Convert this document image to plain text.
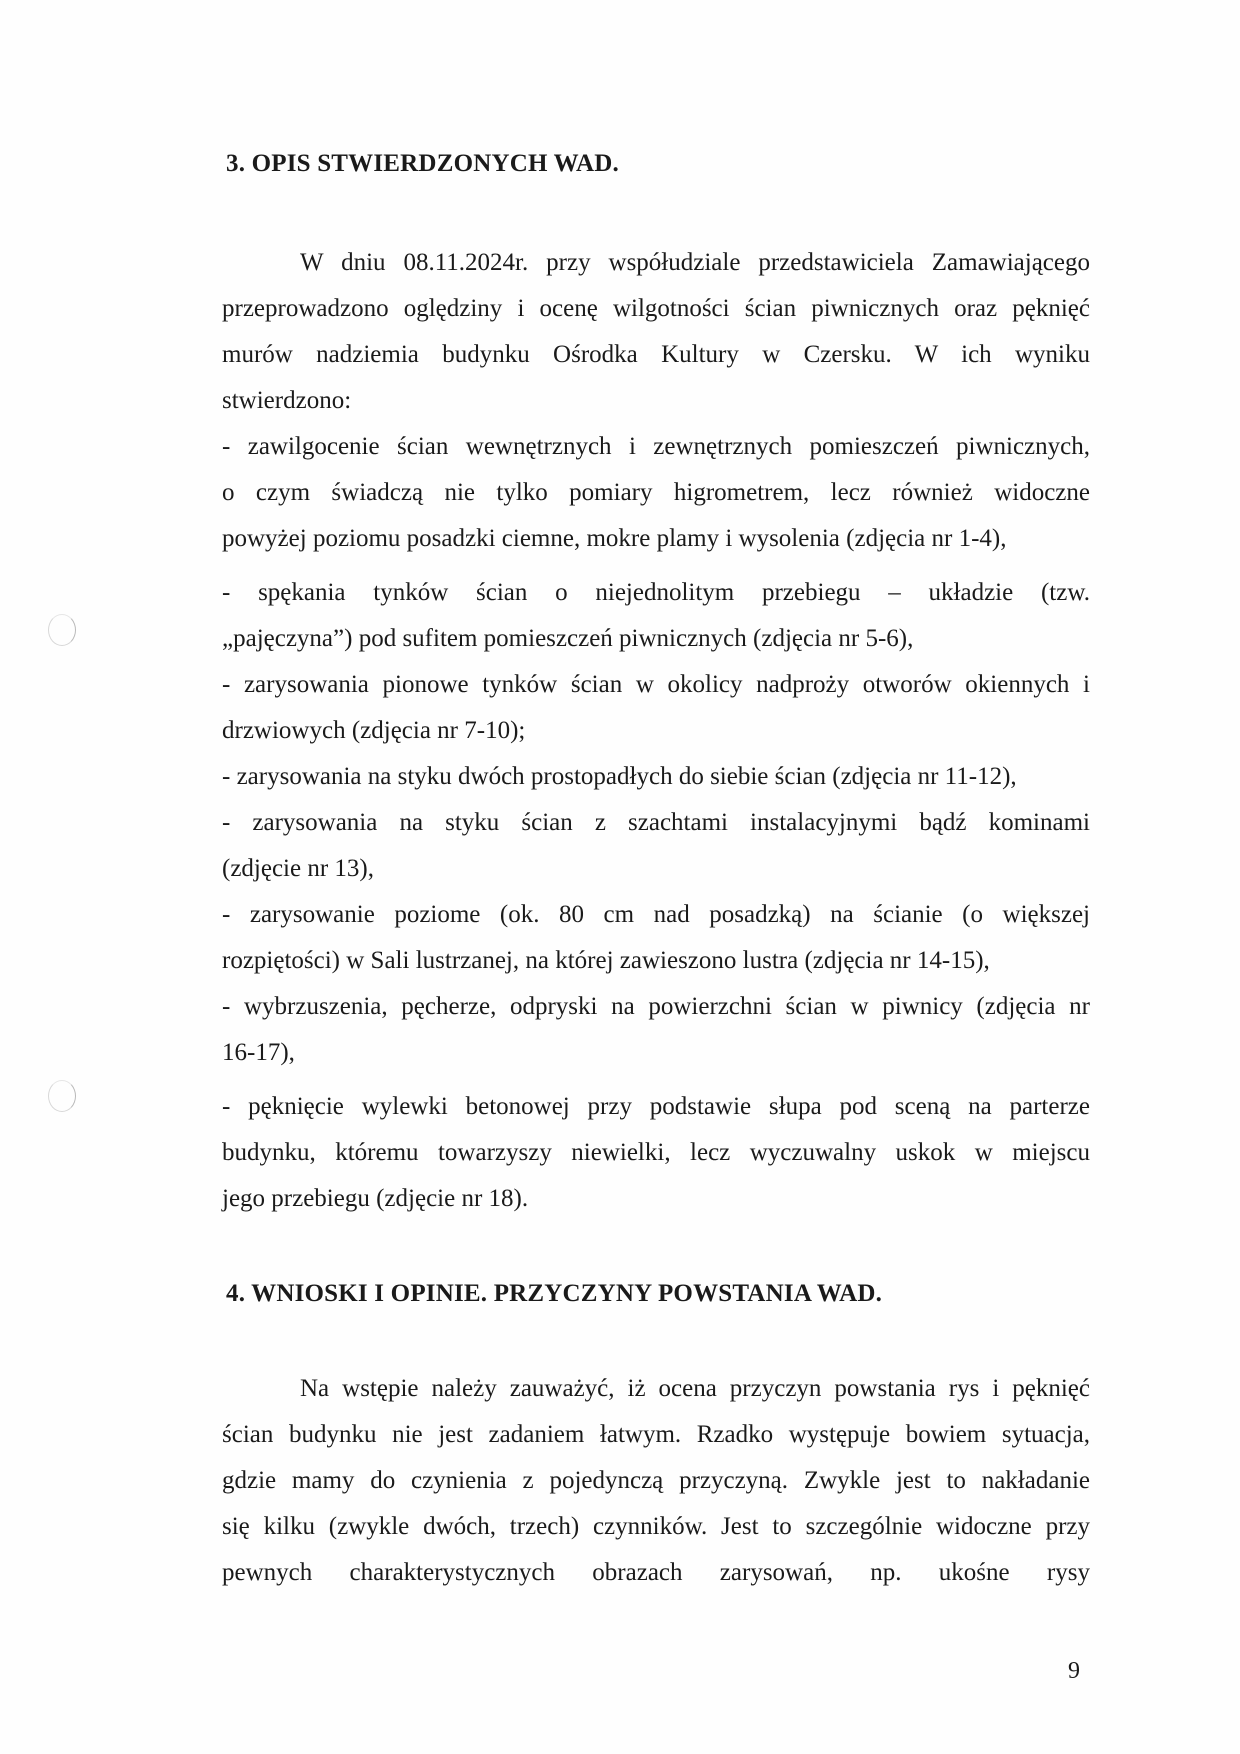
3. OPIS STWIERDZONYCH WAD.
W dniu 08.11.2024r. przy współudziale przedstawiciela Zamawiającego
przeprowadzono oględziny i ocenę wilgotności ścian piwnicznych oraz pęknięć
murów nadziemia budynku Ośrodka Kultury w Czersku. W ich wyniku
stwierdzono:
- zawilgocenie ścian wewnętrznych i zewnętrznych pomieszczeń piwnicznych,
o czym świadczą nie tylko pomiary higrometrem, lecz również widoczne
powyżej poziomu posadzki ciemne, mokre plamy i wysolenia (zdjęcia nr 1-4),
- spękania tynków ścian o niejednolitym przebiegu – układzie (tzw.
„pajęczyna”) pod sufitem pomieszczeń piwnicznych (zdjęcia nr 5-6),
- zarysowania pionowe tynków ścian w okolicy nadproży otworów okiennych i
drzwiowych (zdjęcia nr 7-10);
- zarysowania na styku dwóch prostopadłych do siebie ścian (zdjęcia nr 11-12),
- zarysowania na styku ścian z szachtami instalacyjnymi bądź kominami
(zdjęcie nr 13),
- zarysowanie poziome (ok. 80 cm nad posadzką) na ścianie (o większej
rozpiętości) w Sali lustrzanej, na której zawieszono lustra (zdjęcia nr 14-15),
- wybrzuszenia, pęcherze, odpryski na powierzchni ścian w piwnicy (zdjęcia nr
16-17),
- pęknięcie wylewki betonowej przy podstawie słupa pod sceną na parterze
budynku, któremu towarzyszy niewielki, lecz wyczuwalny uskok w miejscu
jego przebiegu (zdjęcie nr 18).
4. WNIOSKI I OPINIE. PRZYCZYNY POWSTANIA WAD.
Na wstępie należy zauważyć, iż ocena przyczyn powstania rys i pęknięć
ścian budynku nie jest zadaniem łatwym. Rzadko występuje bowiem sytuacja,
gdzie mamy do czynienia z pojedynczą przyczyną. Zwykle jest to nakładanie
się kilku (zwykle dwóch, trzech) czynników. Jest to szczególnie widoczne przy
pewnych charakterystycznych obrazach zarysowań, np. ukośne rysy
9
